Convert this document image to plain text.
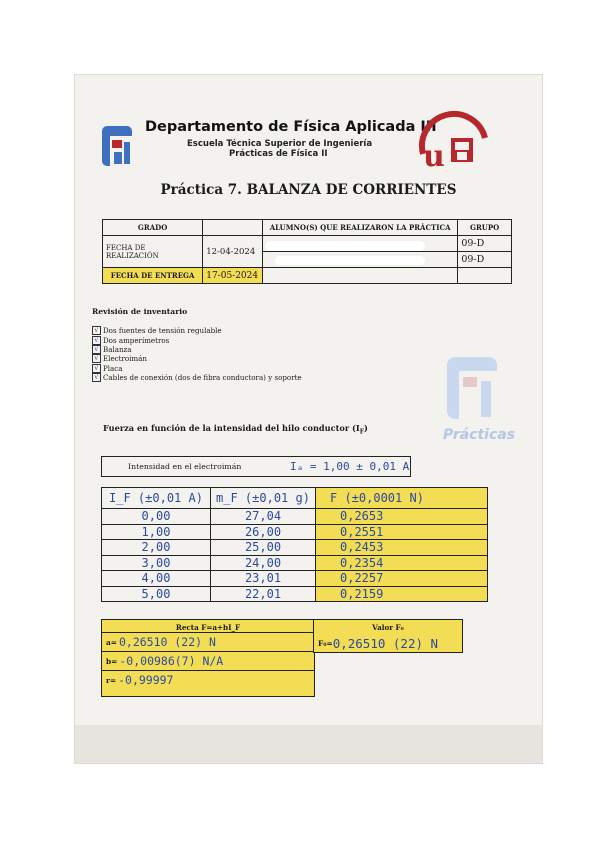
Departamento de Física Aplicada III
Escuela Técnica Superior de Ingeniería
Prácticas de Física II	u
Práctica 7. BALANZA DE CORRIENTES
GRADO		ALUMNO(S) QUE REALIZARON LA PRÁCTICA	GRUPO
FECHA DE REALIZACIÓN	12-04-2024		09-D
			09-D
FECHA DE ENTREGA	17-05-2024		
Revisión de inventario
√ Dos fuentes de tensión regulable
√ Dos amperímetros
√ Balanza
√ Electroimán
√ Placa
√ Cables de conexión (dos de fibra conductora) y soporte
Prácticas
Fuerza en función de la intensidad del hilo conductor $(I_F)$
Intensidad en el electroimán	Iₐ = 1,00 ± 0,01 A
I_F (±0,01 A)	m_F (±0,01 g)	F (±0,0001 N)
0,00	27,04	0,2653
1,00	26,00	0,2551
2,00	25,00	0,2453
3,00	24,00	0,2354
4,00	23,01	0,2257
5,00	22,01	0,2159
Recta F=a+bI_F
a= 0,26510 (22) N
b= -0,00986(7) N/A
r= -0,99997
Valor F₀
F₀= 0,26510 (22) N
